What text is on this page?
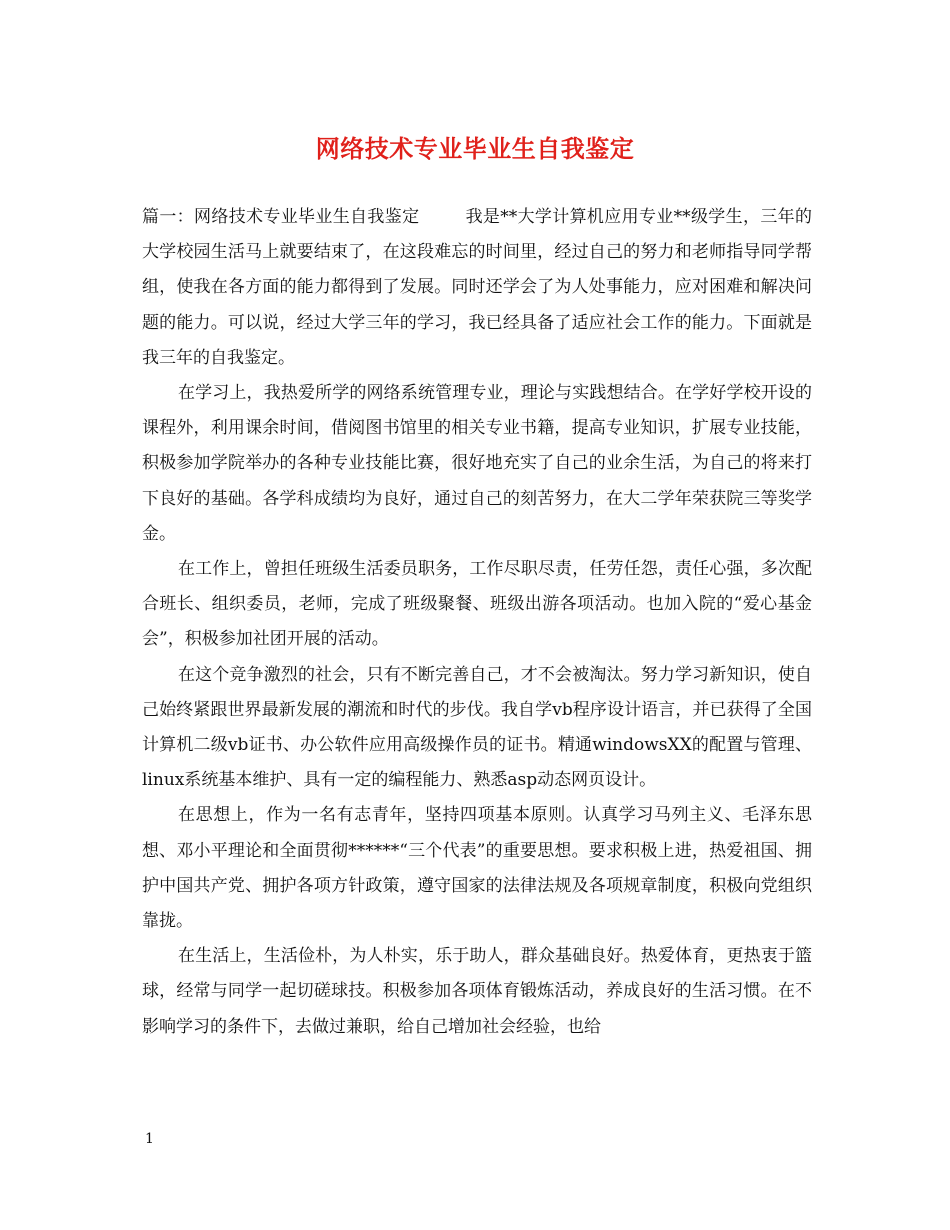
网络技术专业毕业生自我鉴定

篇一：网络技术专业毕业生自我鉴定 　　 我是**大学计算机应用专业**级学生，三年的大学校园生活马上就要结束了，在这段难忘的时间里，经过自己的努力和老师指导同学帮组，使我在各方面的能力都得到了发展。同时还学会了为人处事能力，应对困难和解决问题的能力。可以说，经过大学三年的学习，我已经具备了适应社会工作的能力。下面就是我三年的自我鉴定。

在学习上，我热爱所学的网络系统管理专业，理论与实践想结合。在学好学校开设的课程外，利用课余时间，借阅图书馆里的相关专业书籍，提高专业知识，扩展专业技能，积极参加学院举办的各种专业技能比赛，很好地充实了自己的业余生活，为自己的将来打下良好的基础。各学科成绩均为良好，通过自己的刻苦努力，在大二学年荣获院三等奖学金。

在工作上，曾担任班级生活委员职务，工作尽职尽责，任劳任怨，责任心强，多次配合班长、组织委员，老师，完成了班级聚餐、班级出游各项活动。也加入院的“爱心基金会”，积极参加社团开展的活动。

在这个竞争激烈的社会，只有不断完善自己，才不会被淘汰。努力学习新知识，使自己始终紧跟世界最新发展的潮流和时代的步伐。我自学vb程序设计语言，并已获得了全国计算机二级vb证书、办公软件应用高级操作员的证书。精通windowsXX的配置与管理、linux系统基本维护、具有一定的编程能力、熟悉asp动态网页设计。

在思想上，作为一名有志青年，坚持四项基本原则。认真学习马列主义、毛泽东思想、邓小平理论和全面贯彻******“三个代表”的重要思想。要求积极上进，热爱祖国、拥护中国共产党、拥护各项方针政策，遵守国家的法律法规及各项规章制度，积极向党组织靠拢。

在生活上，生活俭朴，为人朴实，乐于助人，群众基础良好。热爱体育，更热衷于篮球，经常与同学一起切磋球技。积极参加各项体育锻炼活动，养成良好的生活习惯。在不影响学习的条件下，去做过兼职，给自己增加社会经验，也给

1
